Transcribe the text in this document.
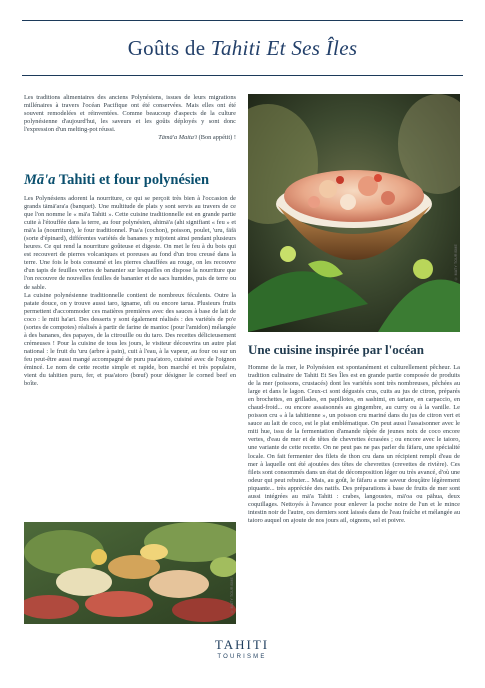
Goûts de
Tahiti Et Ses Îles

Les traditions alimentaires des anciens Polynésiens, issues de leurs migrations millénaires à travers l'océan Pacifique ont été conservées. Mais elles ont été souvent remodelées et réinventées. Comme beaucoup d'aspects de la culture polynésienne d'aujourd'hui, les saveurs et les goûts déployés y sont donc l'expression d'un melting-pot réussi.

Tāmā'a Maita'i (Bon appétit) !

Mā'a Tahiti et four polynésien

Les Polynésiens adorent la nourriture, ce qui se perçoit très bien à l'occasion de grands tāmā'ara'a (banquet). Une multitude de plats y sont servis au travers de ce que l'on nomme le « mā'a Tahiti ». Cette cuisine traditionnelle est en grande partie cuite à l'étouffée dans la terre, au four polynésien, ahimā'a (ahi signifiant « feu » et mā'a la (nourriture), le four traditionnel. Pua'a (cochon), poisson, poulet, 'uru, fāfā (sorte d'épinard), différentes variétés de bananes y mijotent ainsi pendant plusieurs heures. Ce qui rend la nourriture goûteuse et digeste. On met le feu à du bois qui est recouvert de pierres volcaniques et poreuses au fond d'un trou creusé dans la terre. Une fois le bois consumé et les pierres chauffées au rouge, on les recouvre d'un tapis de feuilles vertes de bananier sur lesquelles on dispose la nourriture que l'on recouvre de nouvelles feuilles de bananier et de sacs humides, puis de terre ou de sable.

La cuisine polynésienne traditionnelle contient de nombreux féculents. Outre la patate douce, on y trouve aussi taro, igname, ufi ou encore tarua. Plusieurs fruits permettent d'accommoder ces matières premières avec des sauces à base de lait de coco : le miti ha'ari. Des desserts y sont également réalisés : des variétés de po'e (sortes de compotes) réalisés à partir de farine de manioc (pour l'amidon) mélangée à des bananes, des papayes, de la citrouille ou du taro. Des recettes délicieusement crémeuses ! Pour la cuisine de tous les jours, le visiteur découvrira un autre plat national : le fruit du 'uru (arbre à pain), cuit à l'eau, à la vapeur, au four ou sur un feu peut-être aussi mangé accompagné de puru pua'atoro, cuisiné avec de l'oignon émincé. Le nom de cette recette simple et rapide, bon marché et très populaire, vient du tahitien puru, fer, et pua'atoro (bœuf) pour désigner le corned beef en boîte.

© MATY TOURISME
Une cuisine inspirée par l'océan

Homme de la mer, le Polynésien est spontanément et culturellement pêcheur. La tradition culinaire de Tahiti Et Ses Îles est en grande partie composée de produits de la mer (poissons, crustacés) dont les variétés sont très nombreuses, pêchées au large et dans le lagon. Ceux-ci sont dégustés crus, cuits au jus de citron, préparés en brochettes, en grillades, en papillotes, en sashimi, en tartare, en carpaccio, en chaud-froid... ou encore assaisonnés au gingembre, au curry ou à la vanille. Le poisson cru « à la tahitienne », un poisson cru mariné dans du jus de citron vert et sauce au lait de coco, est le plat emblématique. On peut aussi l'assaisonner avec le miti hue, issu de la fermentation d'amande râpée de jeunes noix de coco encore vertes, d'eau de mer et de têtes de chevrettes écrasées ; ou encore avec le taioro, une variante de cette recette. On ne peut pas ne pas parler du fāfaru, une spécialité locale. On fait fermenter des filets de thon cru dans un récipient rempli d'eau de mer à laquelle ont été ajoutées des têtes de chevrettes (crevettes de rivière). Ces filets sont consommés dans un état de décomposition léger ou très avancé, d'où une odeur qui peut rebuter... Mais, au goût, le fāfaru a une saveur douçâtre légèrement piquante... très appréciée des natifs. Des préparations à base de fruits de mer sont aussi intégrées au mā'a Tahiti : crabes, langoustes, mā'oa ou pāhua, deux coquillages. Nettoyés à l'avance pour enlever la poche noire de l'un et le mince intestin noir de l'autre, ces derniers sont laissés dans de l'eau fraîche et mélangée au taioro auquel on ajoute de nos jours ail, oignons, sel et poivre.

© MATY TOURISME
TAHITI
TOURISME
